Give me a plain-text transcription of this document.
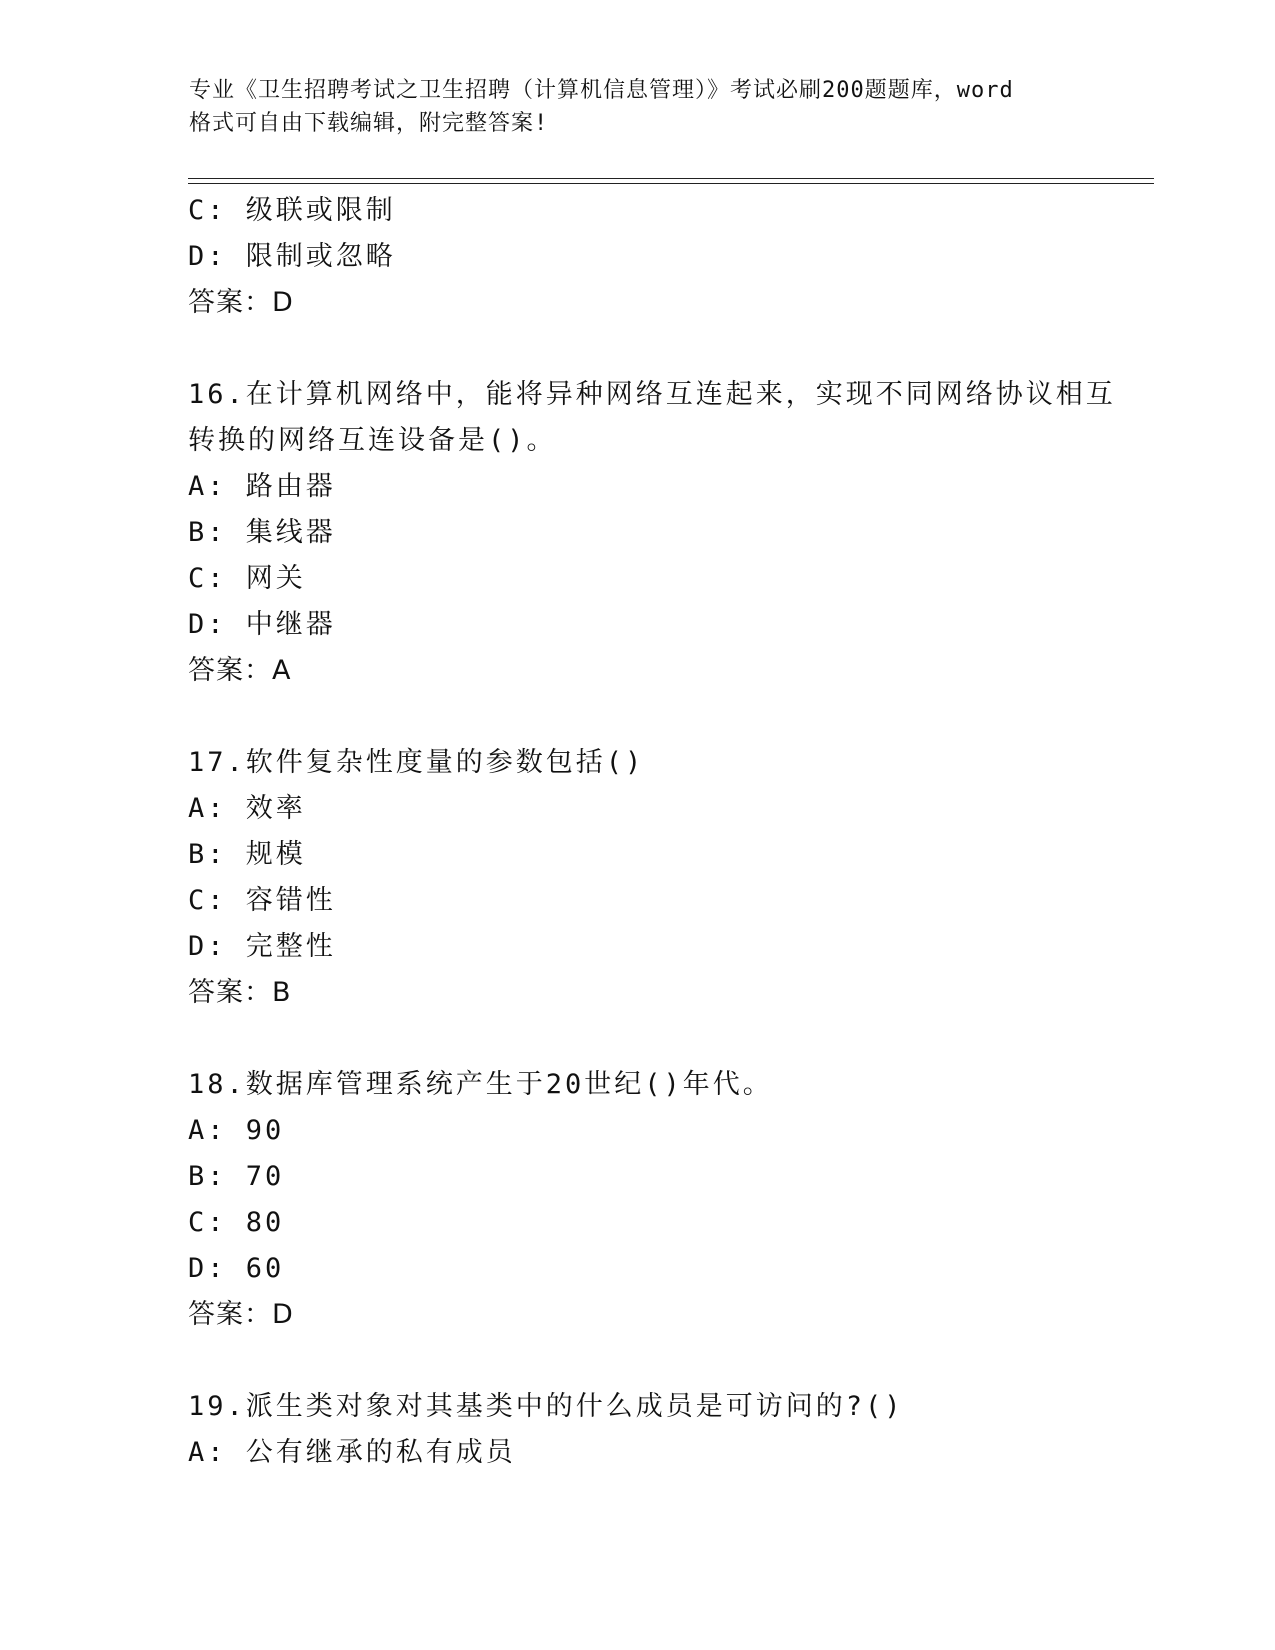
专业《卫生招聘考试之卫生招聘（计算机信息管理）》考试必刷200题题库，word
格式可自由下载编辑，附完整答案!
C: 级联或限制
D: 限制或忽略
答案：D
16.在计算机网络中，能将异种网络互连起来，实现不同网络协议相互
转换的网络互连设备是()。
A: 路由器
B: 集线器
C: 网关
D: 中继器
答案：A
17.软件复杂性度量的参数包括()
A: 效率
B: 规模
C: 容错性
D: 完整性
答案：B
18.数据库管理系统产生于20世纪()年代。
A: 90
B: 70
C: 80
D: 60
答案：D
19.派生类对象对其基类中的什么成员是可访问的?()
A: 公有继承的私有成员
